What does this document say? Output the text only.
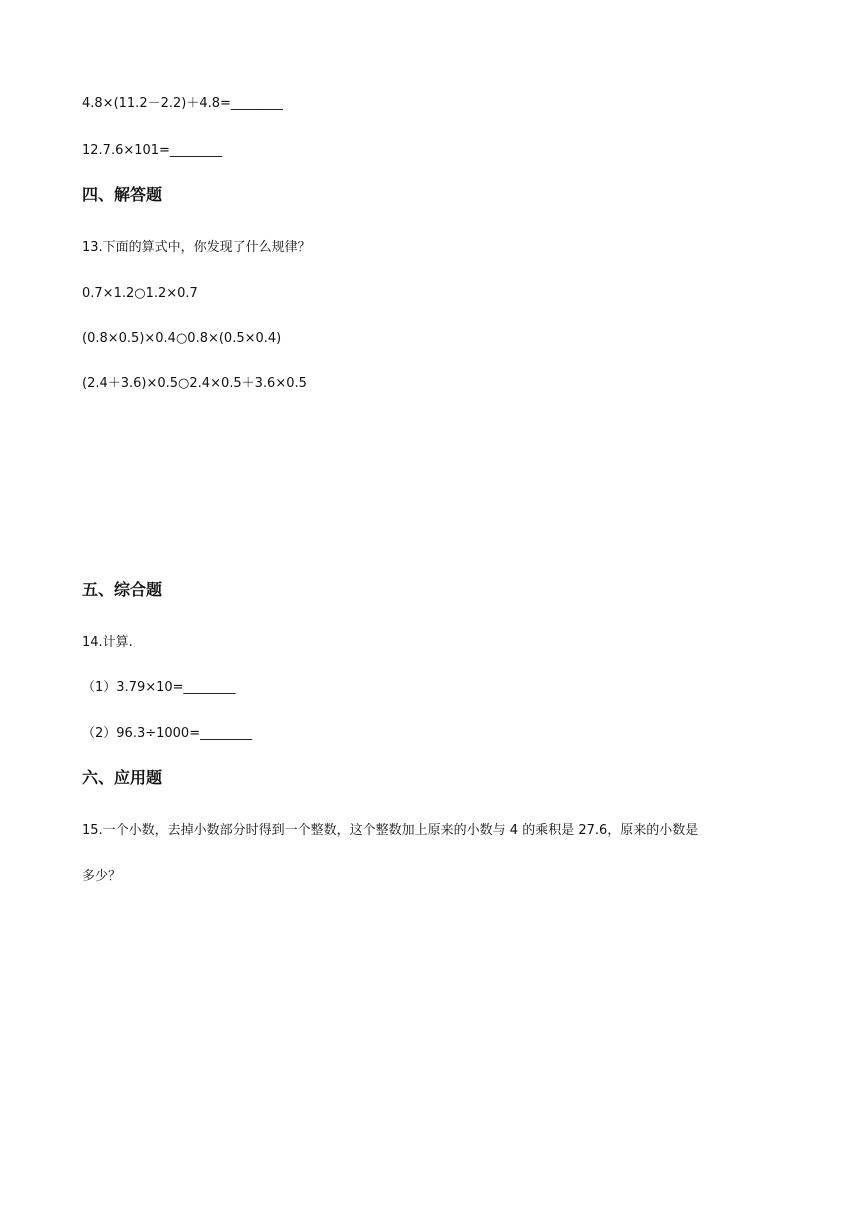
4.8×(11.2－2.2)＋4.8=________
12.7.6×101=________
四、解答题
13.下面的算式中，你发现了什么规律？
0.7×1.2○1.2×0.7
(0.8×0.5)×0.4○0.8×(0.5×0.4)
(2.4＋3.6)×0.5○2.4×0.5＋3.6×0.5
五、综合题
14.计算.
（1）3.79×10=________
（2）96.3÷1000=________
六、应用题
15.一个小数，去掉小数部分时得到一个整数，这个整数加上原来的小数与 4 的乘积是 27.6，原来的小数是
多少？
